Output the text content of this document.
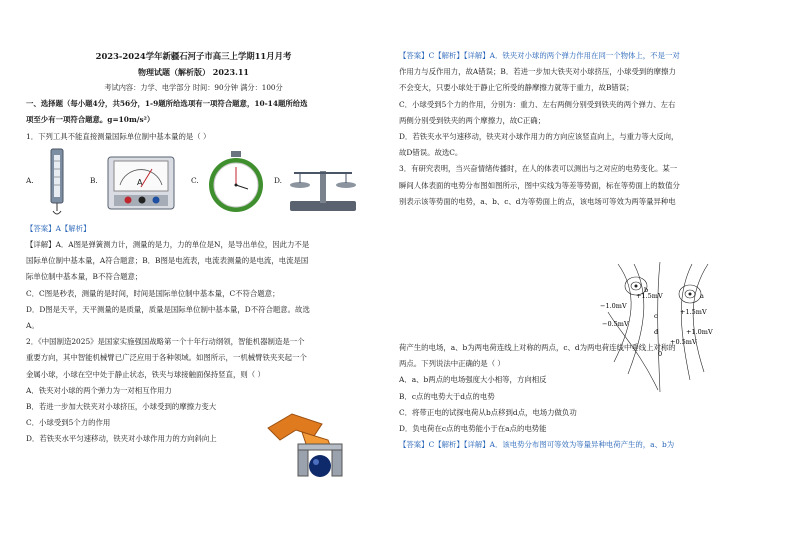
2023-2024学年新疆石河子市高三上学期11月月考

物理试题（解析版） 2023.11

考试内容：力学、电学部分 时间：90分钟 满分：100分

一、选择题（每小题4分，共56分，1-9题所给选项有一项符合题意，10-14题所给选

项至少有一项符合题意。g=10m/s²）

1．下列工具不能直接测量国际单位制中基本量的是（ ）

A.	B.	A	C.	D.

【答案】A【解析】

【详解】A．A图是弹簧测力计，测量的是力，力的单位是N，是导出单位，因此力不是

国际单位制中基本量，A符合题意；B．B图是电流表，电流表测量的是电流，电流是国

际单位制中基本量，B不符合题意；

C．C图是秒表，测量的是时间，时间是国际单位制中基本量，C不符合题意；

D．D图是天平，天平测量的是质量，质量是国际单位制中基本量，D不符合题意。故选

A。

2．《中国制造2025》是国家实施强国战略第一个十年行动纲领，智能机器制造是一个

重要方向，其中智能机械臂已广泛应用于各种领域。如图所示，一机械臂铁夹夹起一个

金属小球，小球在空中处于静止状态，铁夹与球接触面保持竖直，则（ ）

A．铁夹对小球的两个弹力为一对相互作用力

B．若进一步加大铁夹对小球挤压，小球受到的摩擦力变大

C．小球受到5个力的作用

D．若铁夹水平匀速移动，铁夹对小球作用力的方向斜向上

【答案】C【解析】【详解】A．铁夹对小球的两个弹力作用在同一个物体上，不是一对

作用力与反作用力，故A错误；B．若进一步加大铁夹对小球挤压，小球受到的摩擦力

不会变大，只要小球处于静止它所受的静摩擦力就等于重力，故B错误；

C．小球受到5个力的作用，分别为：重力、左右两侧分别受到铁夹的两个弹力、左右

两侧分别受到铁夹的两个摩擦力，故C正确；

D．若铁夹水平匀速移动，铁夹对小球作用力的方向应该竖直向上，与重力等大反向，

故D错误。故选C。

3．有研究表明，当兴奋情绪传播时，在人的体表可以测出与之对应的电势变化。某一

瞬间人体表面的电势分布图如图所示，图中实线为等差等势面，标在等势面上的数值分

别表示该等势面的电势，a、b、c、d为等势面上的点，该电场可等效为两等量异种电

荷产生的电场，a、b为两电荷连线上对称的两点，c、d为两电荷连线中垂线上对称的

两点。下列说法中正确的是（ ）

A．a、b两点的电场强度大小相等，方向相反

B．c点的电势大于d点的电势

C．将带正电的试探电荷从b点移到d点，电场力做负功

D．负电荷在c点的电势能小于在a点的电势能

【答案】C【解析】【详解】A．该电势分布图可等效为等量异种电荷产生的，a、b为

b
a
+1.5mV
+1.5mV
−1.0mV
−0.5mV
+1.0mV
+0.5mV
c
d
0
